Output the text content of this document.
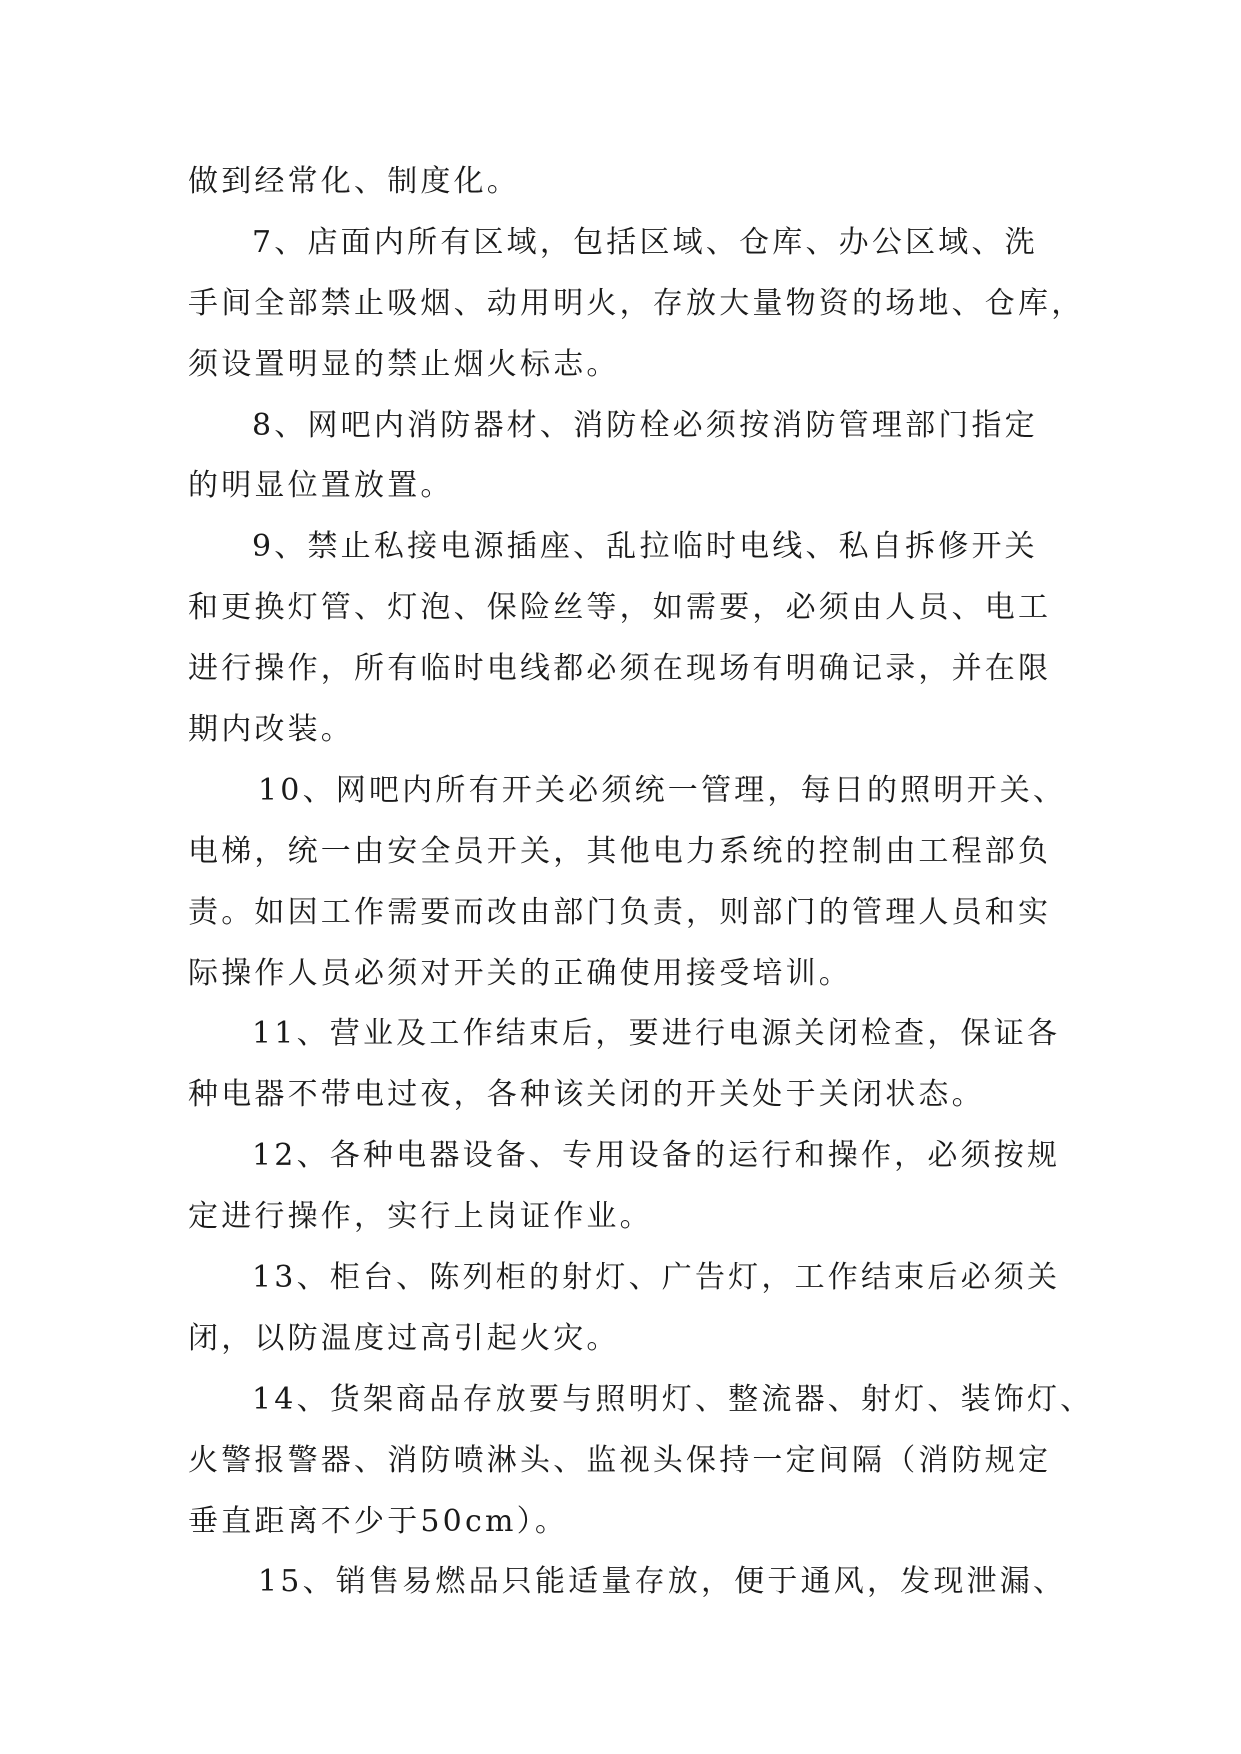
做到经常化、制度化。
7、店面内所有区域，包括区域、仓库、办公区域、洗
手间全部禁止吸烟、动用明火，存放大量物资的场地、仓库，
须设置明显的禁止烟火标志。
8、网吧内消防器材、消防栓必须按消防管理部门指定
的明显位置放置。
9、禁止私接电源插座、乱拉临时电线、私自拆修开关
和更换灯管、灯泡、保险丝等，如需要，必须由人员、电工
进行操作，所有临时电线都必须在现场有明确记录，并在限
期内改装。
10、网吧内所有开关必须统一管理，每日的照明开关、
电梯，统一由安全员开关，其他电力系统的控制由工程部负
责。如因工作需要而改由部门负责，则部门的管理人员和实
际操作人员必须对开关的正确使用接受培训。
11、营业及工作结束后，要进行电源关闭检查，保证各
种电器不带电过夜，各种该关闭的开关处于关闭状态。
12、各种电器设备、专用设备的运行和操作，必须按规
定进行操作，实行上岗证作业。
13、柜台、陈列柜的射灯、广告灯，工作结束后必须关
闭，以防温度过高引起火灾。
14、货架商品存放要与照明灯、整流器、射灯、装饰灯、
火警报警器、消防喷淋头、监视头保持一定间隔（消防规定
垂直距离不少于50cm）。
15、销售易燃品只能适量存放，便于通风，发现泄漏、
